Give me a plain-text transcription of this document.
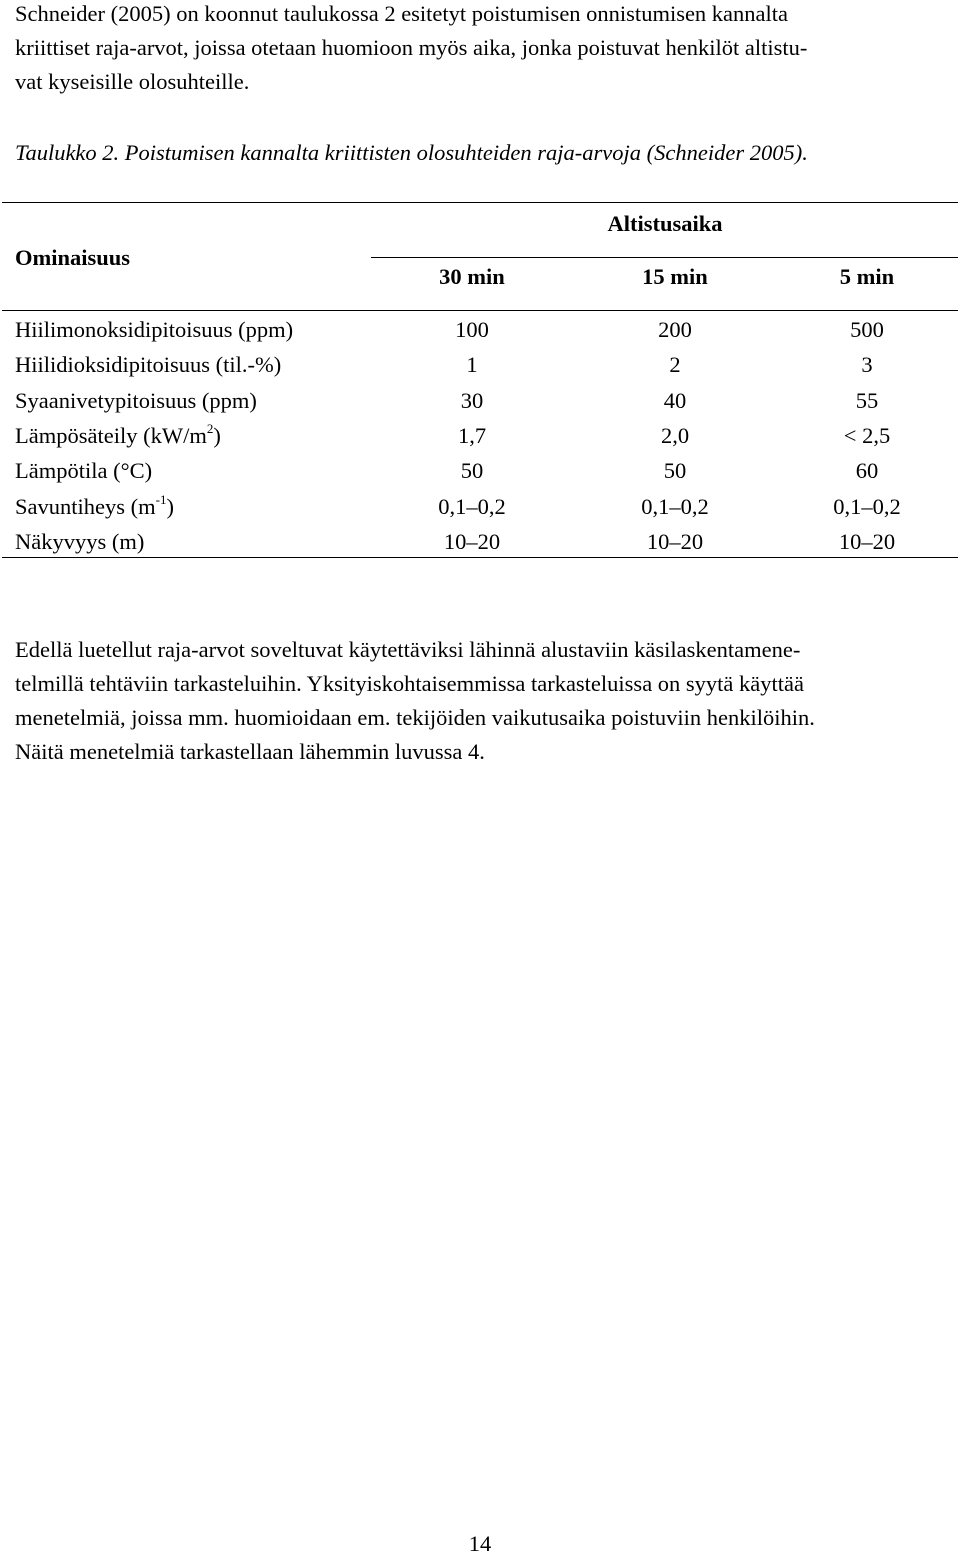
Schneider (2005) on koonnut taulukossa 2 esitetyt poistumisen onnistumisen kannalta
kriittiset raja-arvot, joissa otetaan huomioon myös aika, jonka poistuvat henkilöt altistu-
vat kyseisille olosuhteille.

Taulukko 2. Poistumisen kannalta kriittisten olosuhteiden raja-arvoja (Schneider 2005).

Ominaisuus
Altistusaika
30 min	15 min	5 min
Hiilimonoksidipitoisuus (ppm)	100	200	500
Hiilidioksidipitoisuus (til.-%)	1	2	3
Syaanivetypitoisuus (ppm)	30	40	55
Lämpösäteily $(kW/m^2)$	1,7	2,0	< 2,5
Lämpötila (°C)	50	50	60
Savuntiheys $(m^{-1})$	0,1–0,2	0,1–0,2	0,1–0,2
Näkyvyys (m)	10–20	10–20	10–20

Edellä luetellut raja-arvot soveltuvat käytettäviksi lähinnä alustaviin käsilaskentamene-
telmillä tehtäviin tarkasteluihin. Yksityiskohtaisemmissa tarkasteluissa on syytä käyttää
menetelmiä, joissa mm. huomioidaan em. tekijöiden vaikutusaika poistuviin henkilöihin.
Näitä menetelmiä tarkastellaan lähemmin luvussa 4.

14
